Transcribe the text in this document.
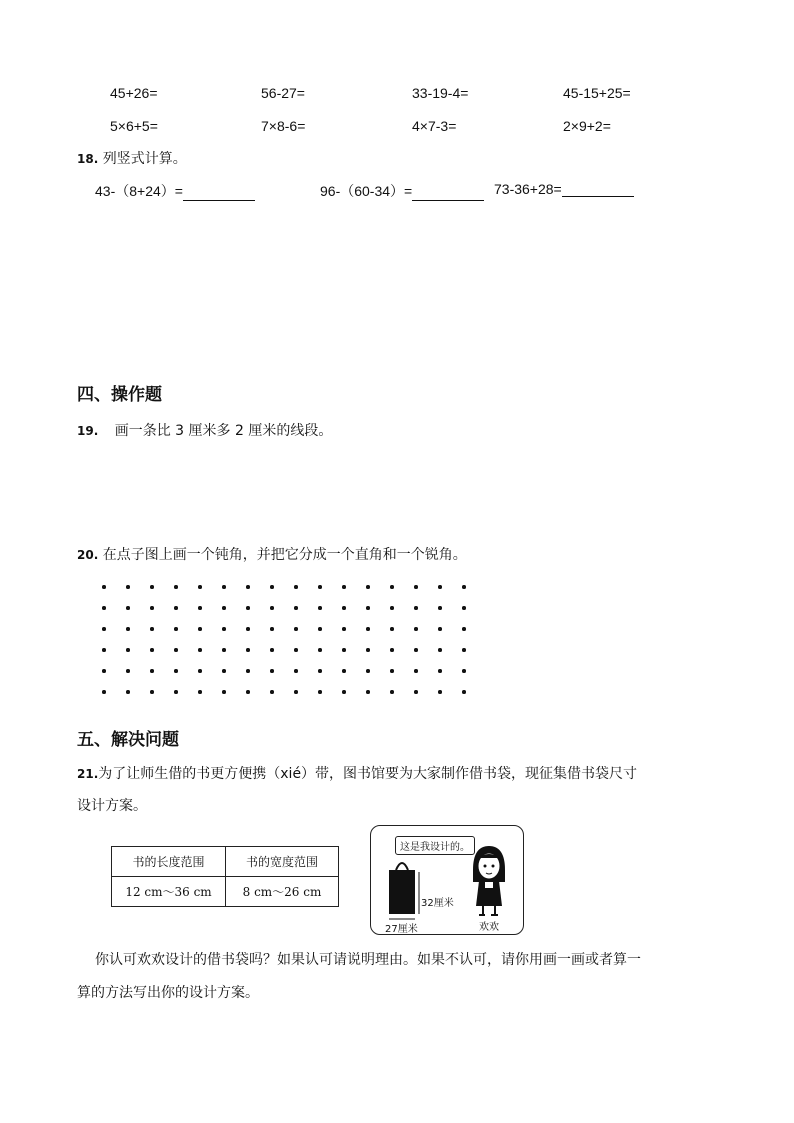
45+26=	56-27=	33-19-4=	45-15+25=
5×6+5=	7×8-6=	4×7-3=	2×9+2=
18. 列竖式计算。
43-（8+24）=	96-（60-34）=	73-36+28=
四、操作题
19. 画一条比 3 厘米多 2 厘米的线段。
20. 在点子图上画一个钝角，并把它分成一个直角和一个锐角。
五、解决问题
21.为了让师生借的书更方便携（xié）带，图书馆要为大家制作借书袋，现征集借书袋尺寸
设计方案。
书的长度范围	书的宽度范围
12 cm～36 cm	8 cm～26 cm
这是我设计的。
32厘米
27厘米	欢欢
你认可欢欢设计的借书袋吗？如果认可请说明理由。如果不认可，请你用画一画或者算一
算的方法写出你的设计方案。
